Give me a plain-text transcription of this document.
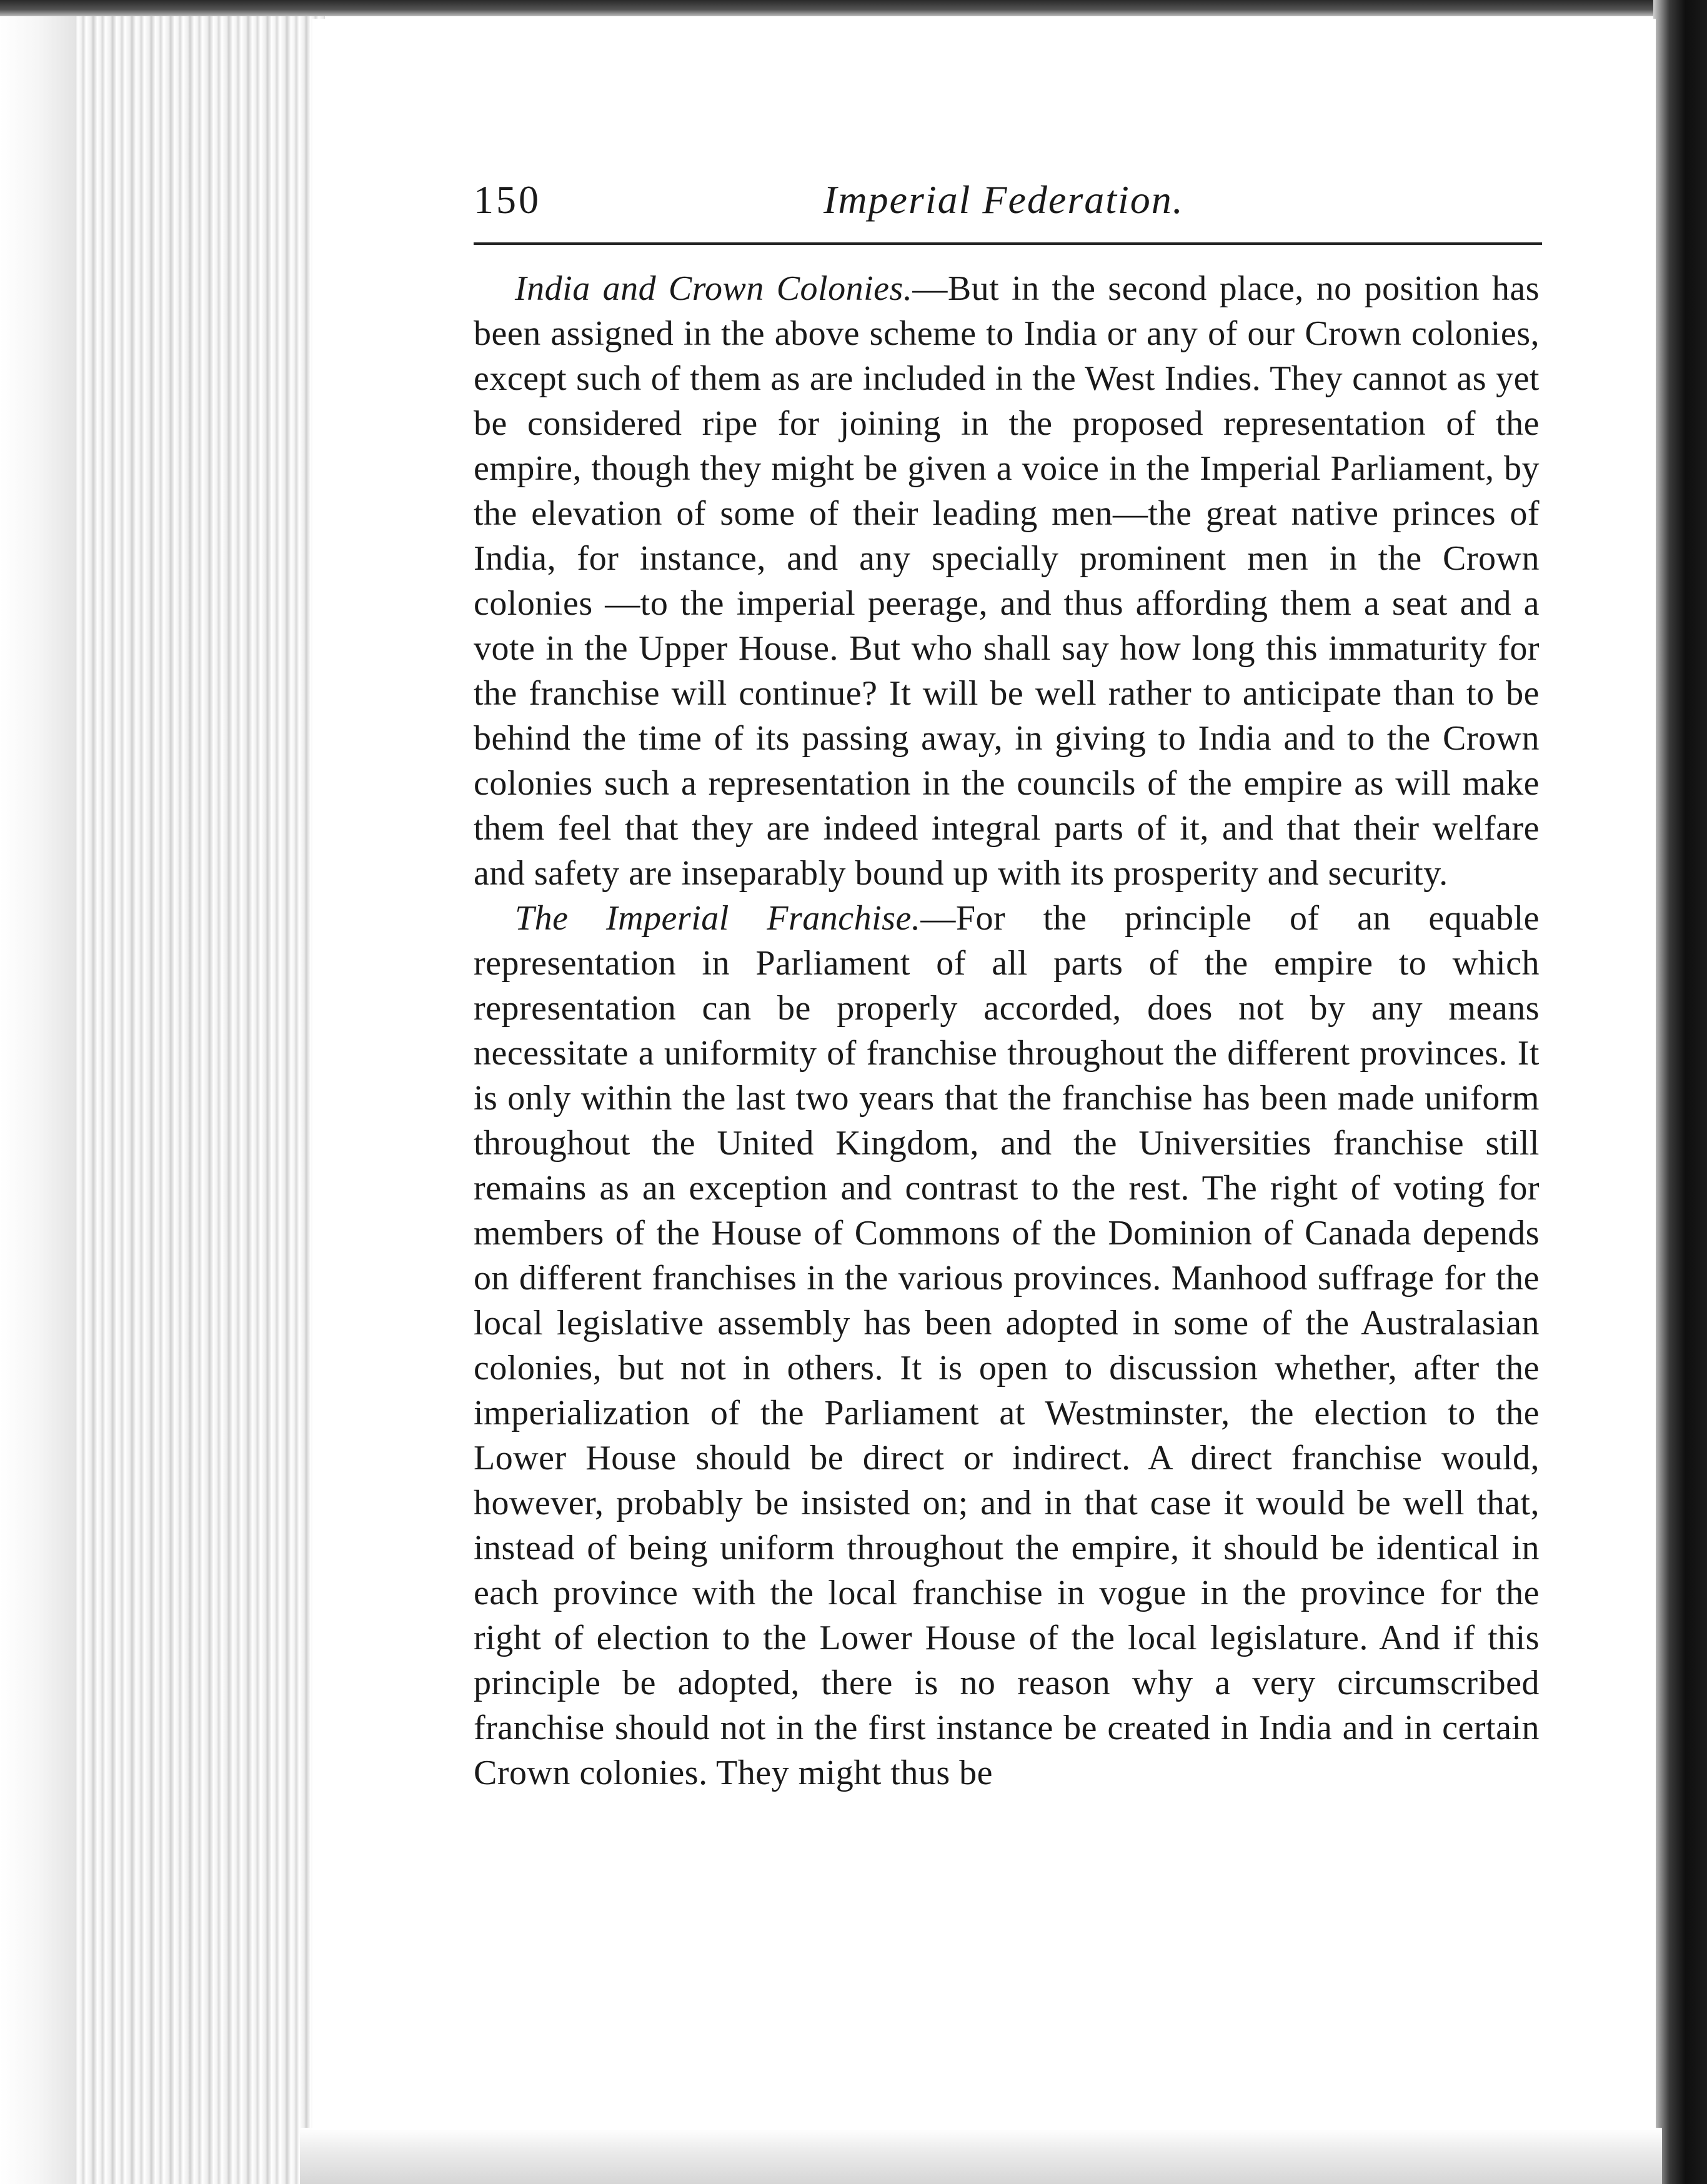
150	Imperial Federation.

India and Crown Colonies.—But in the second place, no position has been assigned in the above scheme to India or any of our Crown colonies, except such of them as are included in the West Indies. They cannot as yet be considered ripe for joining in the proposed representation of the empire, though they might be given a voice in the Imperial Parliament, by the elevation of some of their leading men—the great native princes of India, for instance, and any specially prominent men in the Crown colonies —to the imperial peerage, and thus affording them a seat and a vote in the Upper House. But who shall say how long this immaturity for the franchise will continue? It will be well rather to anticipate than to be behind the time of its passing away, in giving to India and to the Crown colonies such a representation in the councils of the empire as will make them feel that they are indeed integral parts of it, and that their welfare and safety are inseparably bound up with its prosperity and security.

The Imperial Franchise.—For the principle of an equable representation in Parliament of all parts of the empire to which representation can be properly accorded, does not by any means necessitate a uniformity of franchise throughout the different provinces. It is only within the last two years that the franchise has been made uniform throughout the United Kingdom, and the Universities franchise still remains as an exception and contrast to the rest. The right of voting for members of the House of Commons of the Dominion of Canada depends on different franchises in the various provinces. Manhood suffrage for the local legislative assembly has been adopted in some of the Australasian colonies, but not in others. It is open to discussion whether, after the imperialization of the Parliament at Westminster, the election to the Lower House should be direct or indirect. A direct franchise would, however, probably be insisted on; and in that case it would be well that, instead of being uniform throughout the empire, it should be identical in each province with the local franchise in vogue in the province for the right of election to the Lower House of the local legislature. And if this principle be adopted, there is no reason why a very circumscribed franchise should not in the first instance be created in India and in certain Crown colonies. They might thus be
